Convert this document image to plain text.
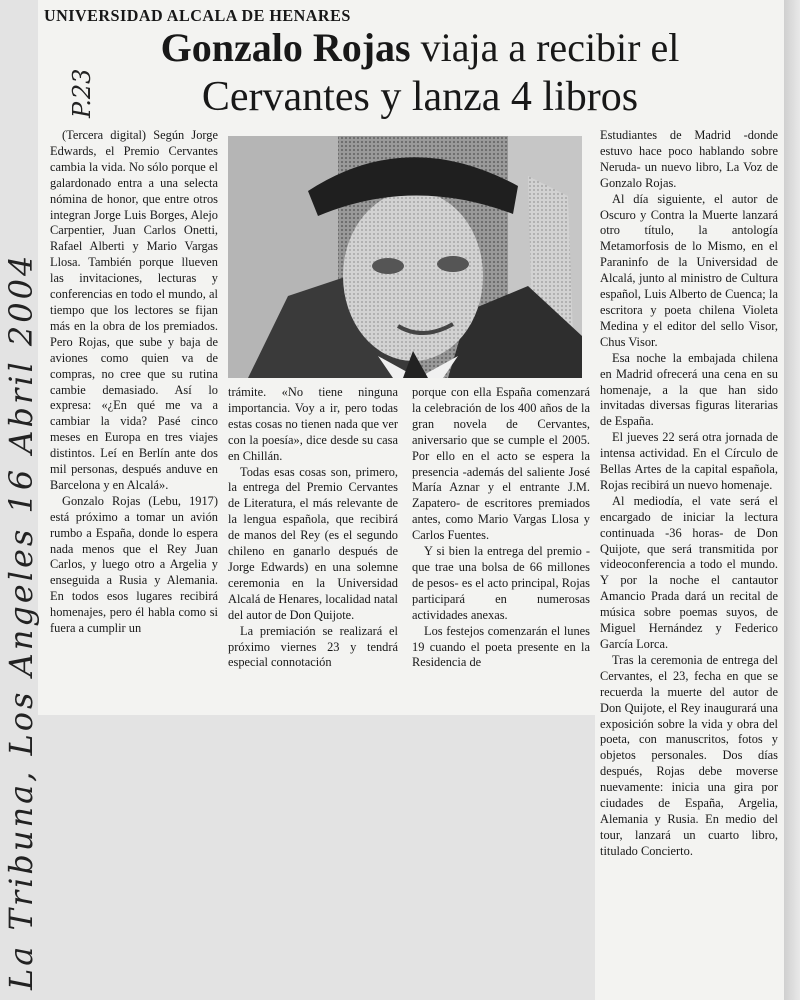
La Tribuna, Los Angeles 16 Abril 2004
P.23
UNIVERSIDAD ALCALA DE HENARES
Gonzalo Rojas viaja a recibir el
Cervantes y lanza 4 libros

(Tercera digital) Según Jorge Edwards, el Premio Cervantes cambia la vida. No sólo porque el galardonado entra a una selecta nómina de honor, que entre otros integran Jorge Luis Borges, Alejo Carpentier, Juan Carlos Onetti, Rafael Alberti y Mario Vargas Llosa. También porque llueven las invitaciones, lecturas y conferencias en todo el mundo, al tiempo que los lectores se fijan más en la obra de los premiados. Pero Rojas, que sube y baja de aviones como quien va de compras, no cree que su rutina cambie demasiado. Así lo expresa: «¿En qué me va a cambiar la vida? Pasé cinco meses en Europa en tres viajes distintos. Leí en Berlín ante dos mil personas, después anduve en Barcelona y en Alcalá».

Gonzalo Rojas (Lebu, 1917) está próximo a tomar un avión rumbo a España, donde lo espera nada menos que el Rey Juan Carlos, y luego otro a Argelia y enseguida a Rusia y Alemania. En todos esos lugares recibirá homenajes, pero él habla como si fuera a cumplir un

trámite. «No tiene ninguna importancia. Voy a ir, pero todas estas cosas no tienen nada que ver con la poesía», dice desde su casa en Chillán.

Todas esas cosas son, primero, la entrega del Premio Cervantes de Literatura, el más relevante de la lengua española, que recibirá de manos del Rey (es el segundo chileno en ganarlo después de Jorge Edwards) en una solemne ceremonia en la Universidad Alcalá de Henares, localidad natal del autor de Don Quijote.

La premiación se realizará el próximo viernes 23 y tendrá especial connotación

porque con ella España comenzará la celebración de los 400 años de la gran novela de Cervantes, aniversario que se cumple el 2005. Por ello en el acto se espera la presencia -además del saliente José María Aznar y el entrante J.M. Zapatero- de escritores premiados antes, como Mario Vargas Llosa y Carlos Fuentes.

Y si bien la entrega del premio -que trae una bolsa de 66 millones de pesos- es el acto principal, Rojas participará en numerosas actividades anexas.

Los festejos comenzarán el lunes 19 cuando el poeta presente en la Residencia de

Estudiantes de Madrid -donde estuvo hace poco hablando sobre Neruda- un nuevo libro, La Voz de Gonzalo Rojas.

Al día siguiente, el autor de Oscuro y Contra la Muerte lanzará otro título, la antología Metamorfosis de lo Mismo, en el Paraninfo de la Universidad de Alcalá, junto al ministro de Cultura español, Luis Alberto de Cuenca; la escritora y poeta chilena Violeta Medina y el editor del sello Visor, Chus Visor.

Esa noche la embajada chilena en Madrid ofrecerá una cena en su homenaje, a la que han sido invitadas diversas figuras literarias de España.

El jueves 22 será otra jornada de intensa actividad. En el Círculo de Bellas Artes de la capital española, Rojas recibirá un nuevo homenaje.

Al mediodía, el vate será el encargado de iniciar la lectura continuada -36 horas- de Don Quijote, que será transmitida por videoconferencia a todo el mundo. Y por la noche el cantautor Amancio Prada dará un recital de música sobre poemas suyos, de Miguel Hernández y Federico García Lorca.

Tras la ceremonia de entrega del Cervantes, el 23, fecha en que se recuerda la muerte del autor de Don Quijote, el Rey inaugurará una exposición sobre la vida y obra del poeta, con manuscritos, fotos y objetos personales. Dos días después, Rojas debe moverse nuevamente: inicia una gira por ciudades de España, Argelia, Alemania y Rusia. En medio del tour, lanzará un cuarto libro, titulado Concierto.
